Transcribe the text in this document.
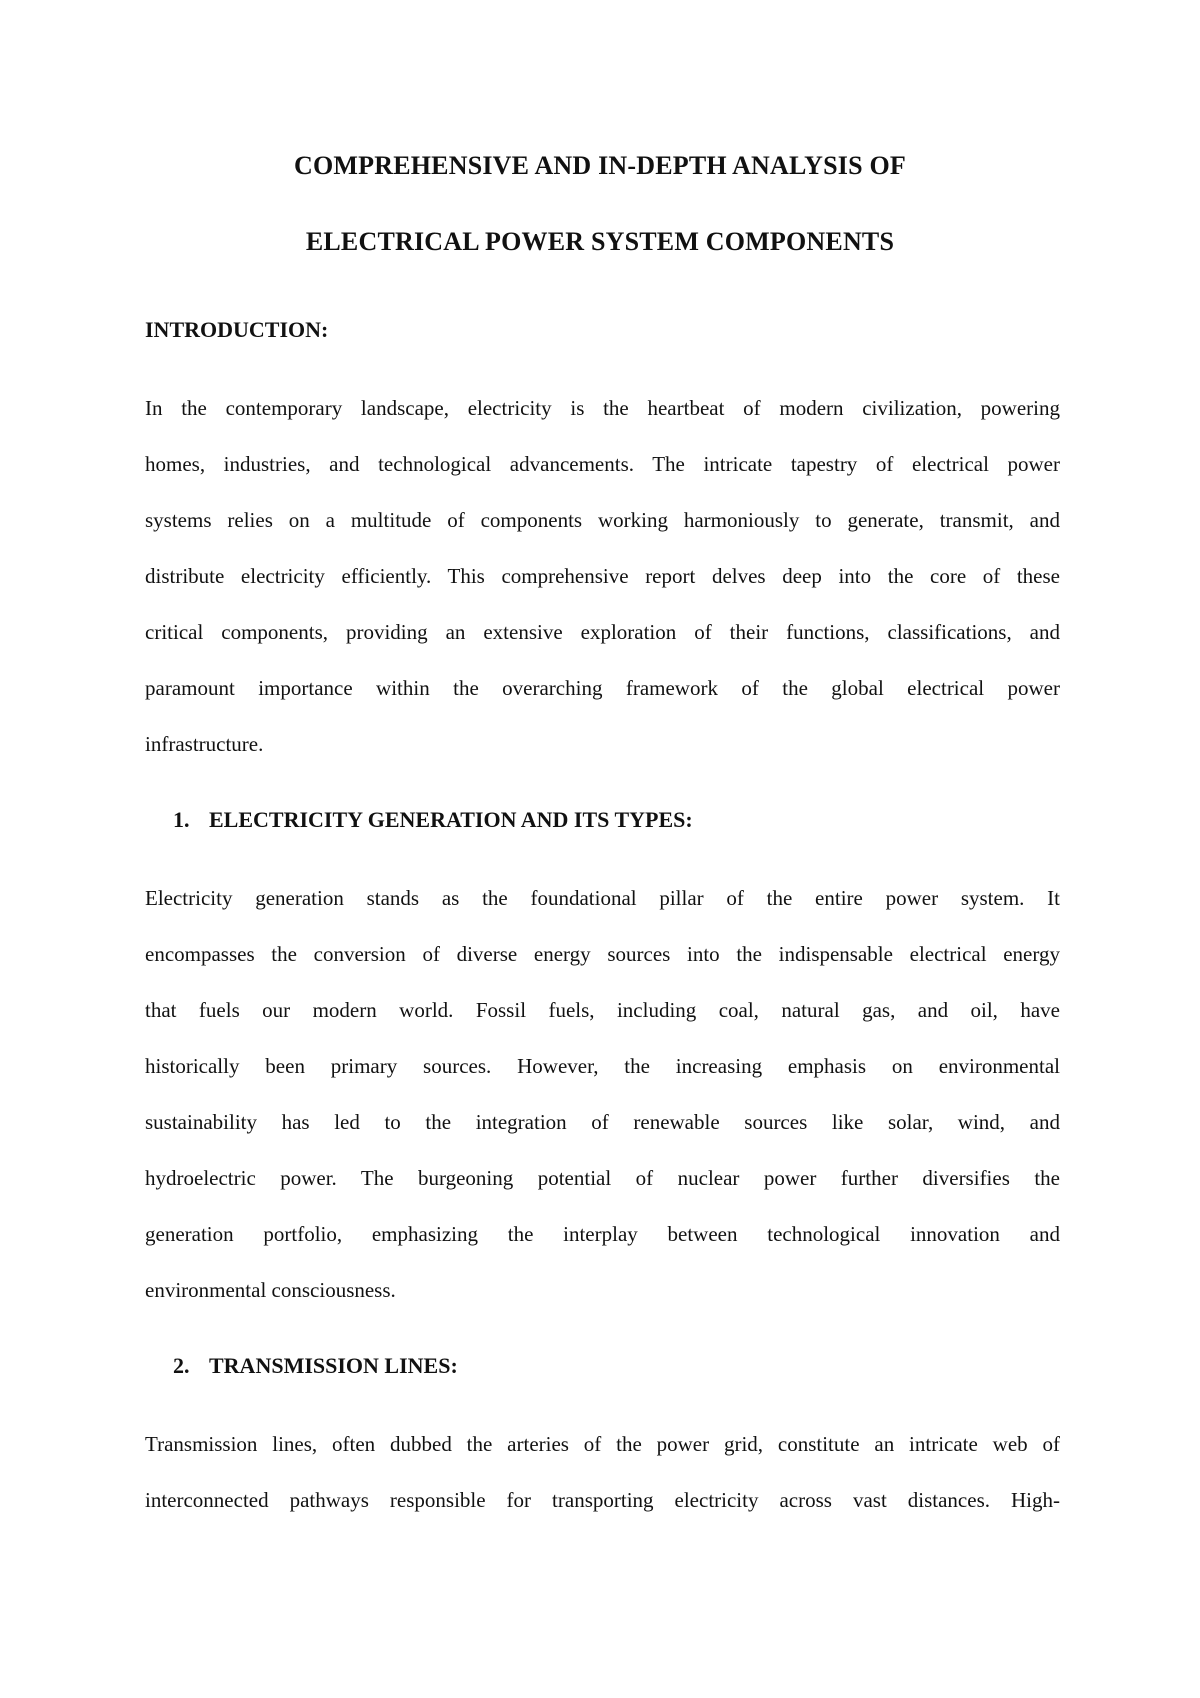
COMPREHENSIVE AND IN-DEPTH ANALYSIS OF
ELECTRICAL POWER SYSTEM COMPONENTS
INTRODUCTION:
In the contemporary landscape, electricity is the heartbeat of modern civilization, powering
homes, industries, and technological advancements. The intricate tapestry of electrical power
systems relies on a multitude of components working harmoniously to generate, transmit, and
distribute electricity efficiently. This comprehensive report delves deep into the core of these
critical components, providing an extensive exploration of their functions, classifications, and
paramount importance within the overarching framework of the global electrical power
infrastructure.
1. ELECTRICITY GENERATION AND ITS TYPES:
Electricity generation stands as the foundational pillar of the entire power system. It
encompasses the conversion of diverse energy sources into the indispensable electrical energy
that fuels our modern world. Fossil fuels, including coal, natural gas, and oil, have
historically been primary sources. However, the increasing emphasis on environmental
sustainability has led to the integration of renewable sources like solar, wind, and
hydroelectric power. The burgeoning potential of nuclear power further diversifies the
generation portfolio, emphasizing the interplay between technological innovation and
environmental consciousness.
2. TRANSMISSION LINES:
Transmission lines, often dubbed the arteries of the power grid, constitute an intricate web of
interconnected pathways responsible for transporting electricity across vast distances. High-
